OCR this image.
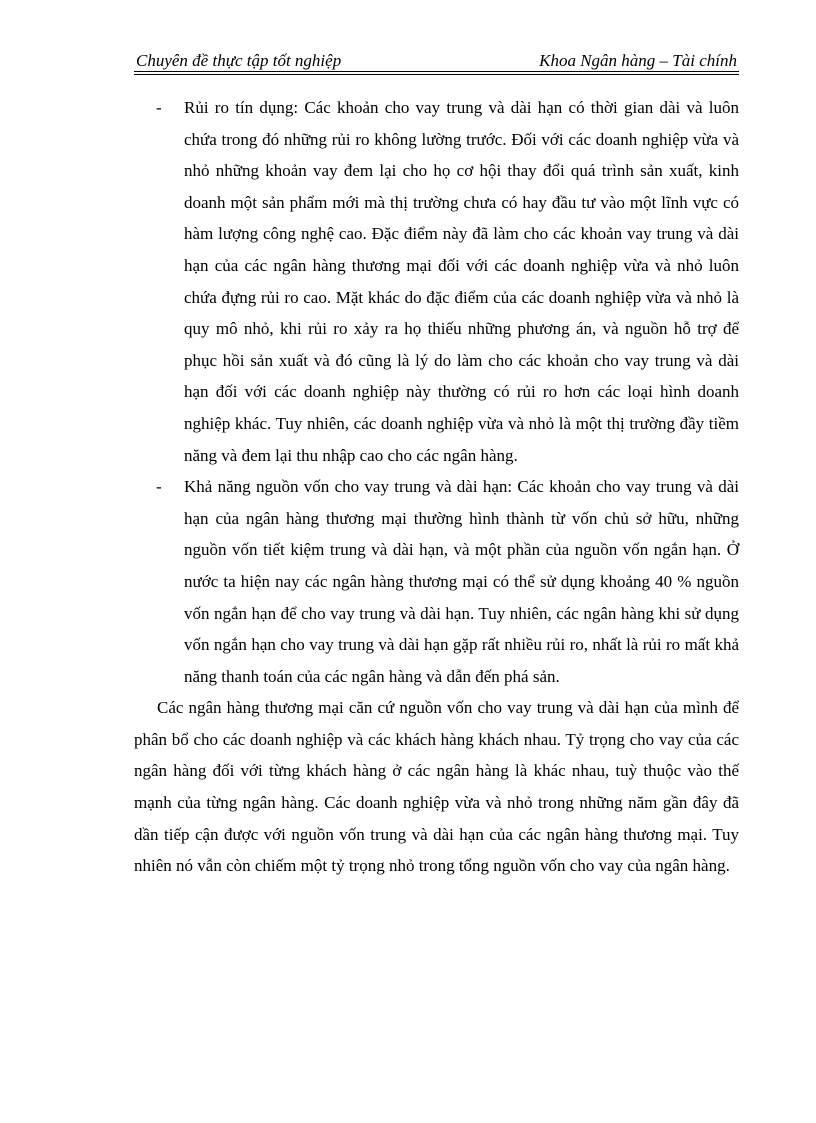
Chuyên đề thực tập tốt nghiệp	Khoa Ngân hàng – Tài chính
- Rủi ro tín dụng: Các khoản cho vay trung và dài hạn có thời gian dài và luôn chứa trong đó những rủi ro không lường trước. Đối với các doanh nghiệp vừa và nhỏ những khoản vay đem lại cho họ cơ hội thay đổi quá trình sản xuất, kinh doanh một sản phẩm mới mà thị trường chưa có hay đầu tư vào một lĩnh vực có hàm lượng công nghệ cao. Đặc điểm này đã làm cho các khoản vay trung và dài hạn của các ngân hàng thương mại đối với các doanh nghiệp vừa và nhỏ luôn chứa đựng rủi ro cao. Mặt khác do đặc điểm của các doanh nghiệp vừa và nhỏ là quy mô nhỏ, khi rủi ro xảy ra họ thiếu những phương án, và nguồn hỗ trợ để phục hồi sản xuất và đó cũng là lý do làm cho các khoản cho vay trung và dài hạn đối với các doanh nghiệp này thường có rủi ro hơn các loại hình doanh nghiệp khác. Tuy nhiên, các doanh nghiệp vừa và nhỏ là một thị trường đầy tiềm năng và đem lại thu nhập cao cho các ngân hàng.

- Khả năng nguồn vốn cho vay trung và dài hạn: Các khoản cho vay trung và dài hạn của ngân hàng thương mại thường hình thành từ vốn chủ sở hữu, những nguồn vốn tiết kiệm trung và dài hạn, và một phần của nguồn vốn ngắn hạn. Ở nước ta hiện nay các ngân hàng thương mại có thể sử dụng khoảng 40 % nguồn vốn ngắn hạn để cho vay trung và dài hạn. Tuy nhiên, các ngân hàng khi sử dụng vốn ngắn hạn cho vay trung và dài hạn gặp rất nhiều rủi ro, nhất là rủi ro mất khả năng thanh toán của các ngân hàng và dẫn đến phá sản.

Các ngân hàng thương mại căn cứ nguồn vốn cho vay trung và dài hạn của mình để phân bổ cho các doanh nghiệp và các khách hàng khách nhau. Tỷ trọng cho vay của các ngân hàng đối với từng khách hàng ở các ngân hàng là khác nhau, tuỳ thuộc vào thế mạnh của từng ngân hàng. Các doanh nghiệp vừa và nhỏ trong những năm gần đây đã dần tiếp cận được với nguồn vốn trung và dài hạn của các ngân hàng thương mại. Tuy nhiên nó vẫn còn chiếm một tỷ trọng nhỏ trong tổng nguồn vốn cho vay của ngân hàng.
